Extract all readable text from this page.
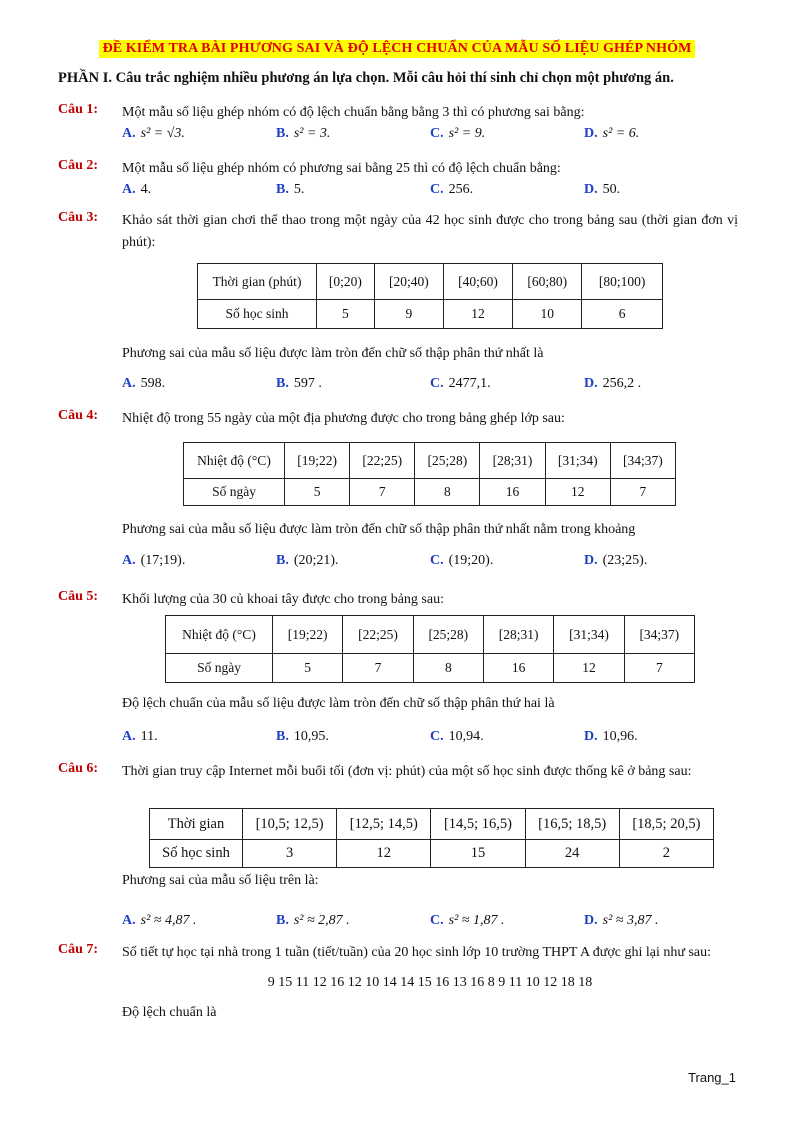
ĐỀ KIỂM TRA BÀI PHƯƠNG SAI VÀ ĐỘ LỆCH CHUẨN CỦA MẪU SỐ LIỆU GHÉP NHÓM
PHẦN I. Câu trắc nghiệm nhiều phương án lựa chọn. Mỗi câu hỏi thí sinh chỉ chọn một phương án.
Câu 1: Một mẫu số liệu ghép nhóm có độ lệch chuẩn bằng bằng 3 thì có phương sai bằng:
A. s² = √3.	B. s² = 3.	C. s² = 9.	D. s² = 6.
Câu 2: Một mẫu số liệu ghép nhóm có phương sai bằng 25 thì có độ lệch chuẩn bằng:
A. 4.	B. 5.	C. 256.	D. 50.
Câu 3: Khảo sát thời gian chơi thể thao trong một ngày của 42 học sinh được cho trong bảng sau (thời gian đơn vị phút):
Thời gian (phút)	[0;20)	[20;40)	[40;60)	[60;80)	[80;100)
Số học sinh	5	9	12	10	6
Phương sai của mẫu số liệu được làm tròn đến chữ số thập phân thứ nhất là
A. 598.	B. 597 .	C. 2477,1.	D. 256,2 .
Câu 4: Nhiệt độ trong 55 ngày của một địa phương được cho trong bảng ghép lớp sau:
Nhiệt độ (°C)	[19;22)	[22;25)	[25;28)	[28;31)	[31;34)	[34;37)
Số ngày	5	7	8	16	12	7
Phương sai của mẫu số liệu được làm tròn đến chữ số thập phân thứ nhất nằm trong khoảng
A. (17;19).	B. (20;21).	C. (19;20).	D. (23;25).
Câu 5: Khối lượng của 30 củ khoai tây được cho trong bảng sau:
Nhiệt độ (°C)	[19;22)	[22;25)	[25;28)	[28;31)	[31;34)	[34;37)
Số ngày	5	7	8	16	12	7
Độ lệch chuẩn của mẫu số liệu được làm tròn đến chữ số thập phân thứ hai là
A. 11.	B. 10,95.	C. 10,94.	D. 10,96.
Câu 6: Thời gian truy cập Internet mỗi buổi tối (đơn vị: phút) của một số học sinh được thống kê ở bảng sau:
Thời gian	[10,5; 12,5)	[12,5; 14,5)	[14,5; 16,5)	[16,5; 18,5)	[18,5; 20,5)
Số học sinh	3	12	15	24	2
Phương sai của mẫu số liệu trên là:
A. s² ≈ 4,87 .	B. s² ≈ 2,87 .	C. s² ≈ 1,87 .	D. s² ≈ 3,87 .
Câu 7: Số tiết tự học tại nhà trong 1 tuần (tiết/tuần) của 20 học sinh lớp 10 trường THPT A được ghi lại như sau:
9 15 11 12 16 12 10 14 14 15 16 13 16 8 9 11 10 12 18 18
Độ lệch chuẩn là
Trang_1
